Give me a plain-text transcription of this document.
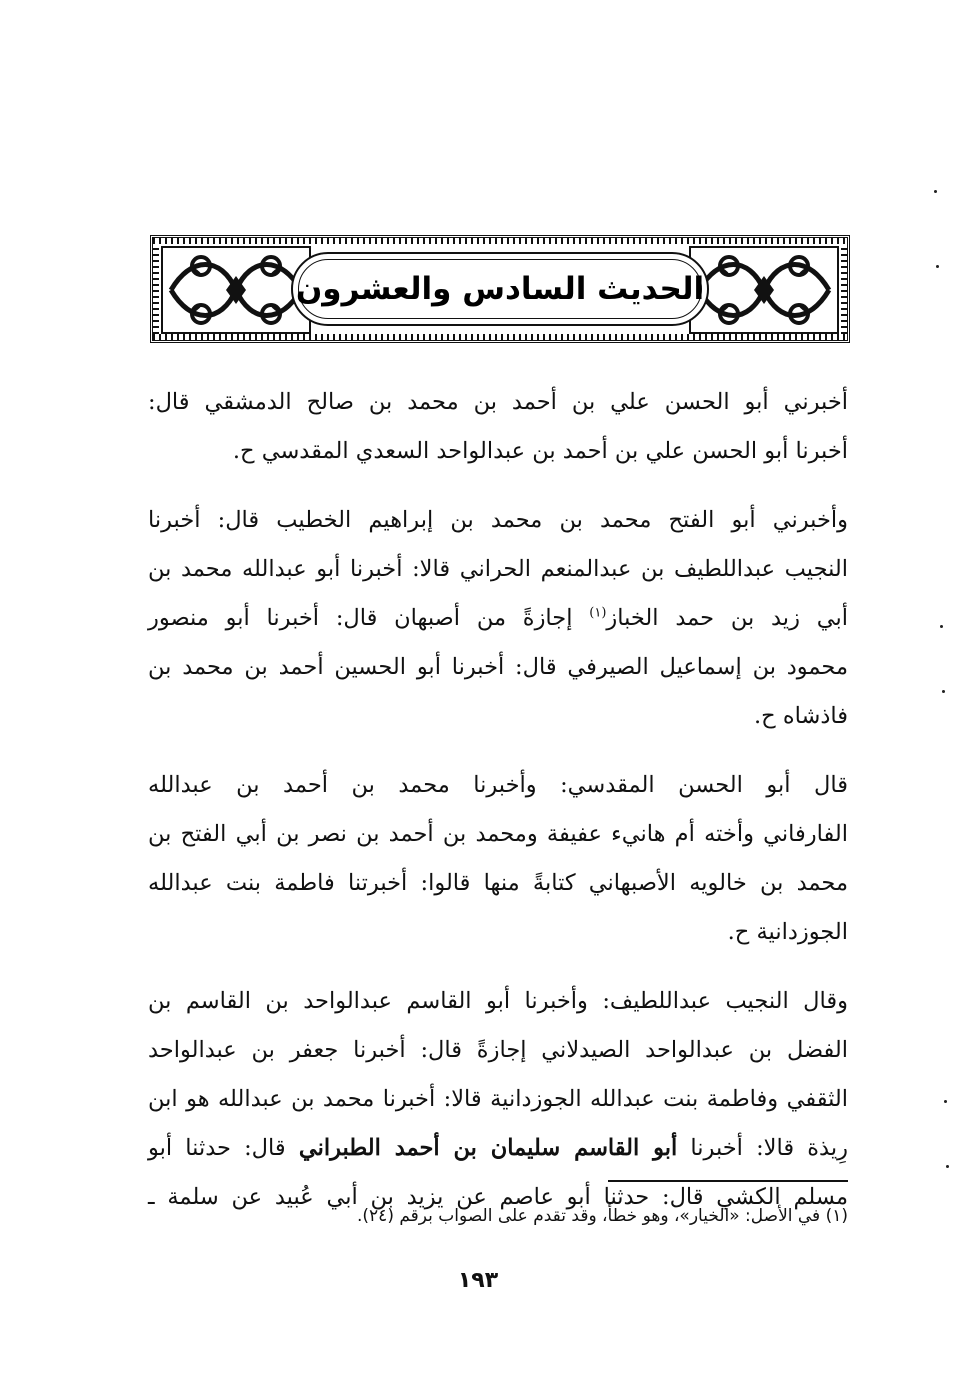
الحديث السادس والعشرون

أخبرني أبو الحسن علي بن أحمد بن محمد بن صالح الدمشقي قال:
أخبرنا أبو الحسن علي بن أحمد بن عبدالواحد السعدي المقدسي ح.

وأخبرني أبو الفتح محمد بن محمد بن إبراهيم الخطيب قال: أخبرنا
النجيب عبداللطيف بن عبدالمنعم الحراني قالا: أخبرنا أبو عبدالله محمد بن
أبي زيد بن حمد الخباز$^{(١)}$ إجازةً من أصبهان قال: أخبرنا أبو منصور
محمود بن إسماعيل الصيرفي قال: أخبرنا أبو الحسين أحمد بن محمد بن
فاذشاه ح.

قال أبو الحسن المقدسي: وأخبرنا محمد بن أحمد بن عبدالله
الفارفاني وأخته أم هانيء عفيفة ومحمد بن أحمد بن نصر بن أبي الفتح بن
محمد بن خالويه الأصبهاني كتابةً منها قالوا: أخبرتنا فاطمة بنت عبدالله
الجوزدانية ح.

وقال النجيب عبداللطيف: وأخبرنا أبو القاسم عبدالواحد بن القاسم بن
الفضل بن عبدالواحد الصيدلاني إجازةً قال: أخبرنا جعفر بن عبدالواحد
الثقفي وفاطمة بنت عبدالله الجوزدانية قالا: أخبرنا محمد بن عبدالله هو ابن
رِيذة قالا: أخبرنا أبو القاسم سليمان بن أحمد الطبراني قال: حدثنا أبو
مسلم الكشي قال: حدثنا أبو عاصم عن يزيد بن أبي عُبيد عن سلمة ـ

(١) في الأصل: «الخيار»، وهو خطأ، وقد تقدم على الصواب برقم (٢٤).
١٩٣
